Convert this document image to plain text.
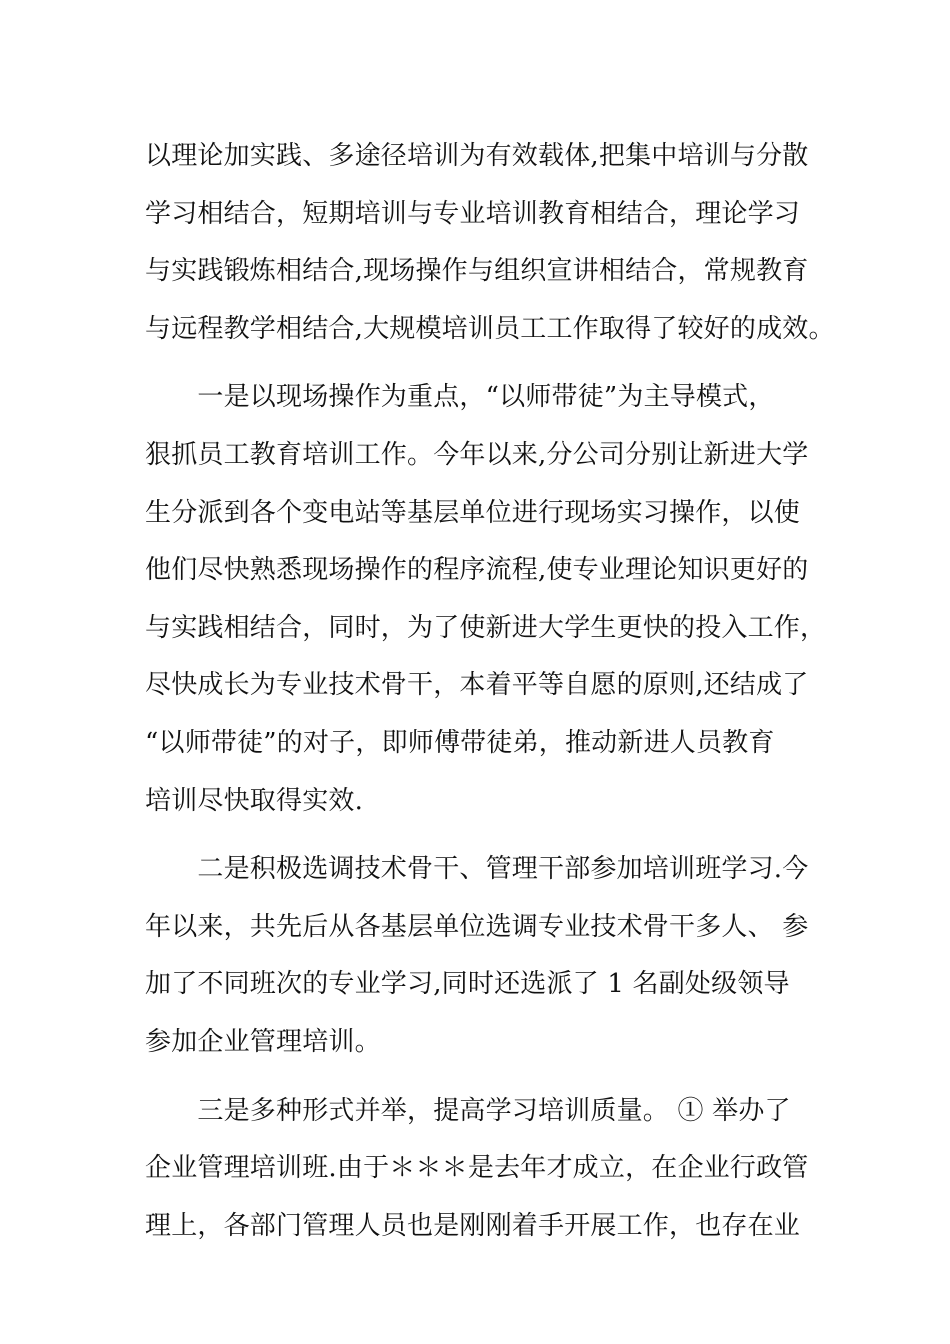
以理论加实践、多途径培训为有效载体,把集中培训与分散
学习相结合，短期培训与专业培训教育相结合，理论学习
与实践锻炼相结合,现场操作与组织宣讲相结合，常规教育
与远程教学相结合,大规模培训员工工作取得了较好的成效。
　　一是以现场操作为重点，“以师带徒”为主导模式，
狠抓员工教育培训工作。今年以来,分公司分别让新进大学
生分派到各个变电站等基层单位进行现场实习操作，以使
他们尽快熟悉现场操作的程序流程,使专业理论知识更好的
与实践相结合，同时，为了使新进大学生更快的投入工作，
尽快成长为专业技术骨干，本着平等自愿的原则,还结成了
“以师带徒”的对子，即师傅带徒弟，推动新进人员教育
培训尽快取得实效.
　　二是积极选调技术骨干、管理干部参加培训班学习.今
年以来，共先后从各基层单位选调专业技术骨干多人、 参
加了不同班次的专业学习,同时还选派了 1 名副处级领导
参加企业管理培训。
　　三是多种形式并举，提高学习培训质量。 ① 举办了
企业管理培训班.由于＊＊＊是去年才成立，在企业行政管
理上，各部门管理人员也是刚刚着手开展工作，也存在业
